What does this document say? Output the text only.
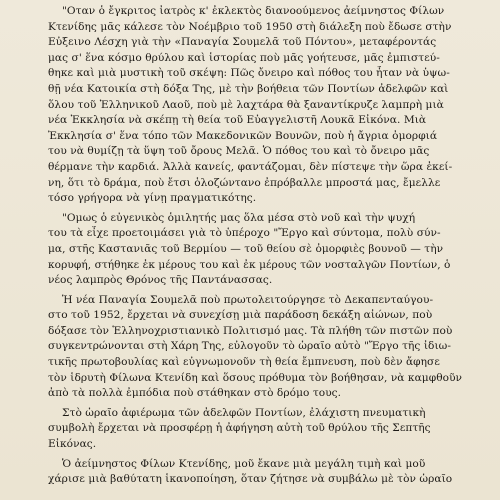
"Οταν ὁ ἔγκριτος ἰατρὸς κ' ἐκλεκτὸς διανοούμενος ἀείμνηστος Φίλων
Κτενίδης μᾶς κάλεσε τὸν Νοέμβριο τοῦ 1950 στὴ διάλεξη ποὺ ἔδωσε στὴν
Εὐξεινο Λέσχη γιὰ τὴν «Παναγία Σουμελᾶ τοῦ Πόντου», μεταφέροντάς
μας σ' ἕνα κόσμο θρύλου καὶ ἱστορίας ποὺ μᾶς γοήτευσε, μᾶς ἐμπιστεύ-
θηκε καὶ μιὰ μυστικὴ τοῦ σκέψη: Πῶς ὄνειρο καὶ πόθος του ἦταν νὰ ὑψω-
θῇ νέα Κατοικία στὴ δόξα Της, μὲ τὴν βοήθεια τῶν Ποντίων ἀδελφῶν καὶ
ὅλου τοῦ Ἑλληνικοῦ Λαοῦ, ποὺ μὲ λαχτάρα θὰ ξαναντίκρυζε λαμπρὴ μιὰ
νέα Ἐκκλησία νὰ σκέπῃ τὴ θεία τοῦ Εὐαγγελιστῆ Λουκᾶ Εἰκόνα. Μιὰ
Ἐκκλησία σ' ἕνα τόπο τῶν Μακεδονικῶν Βουνῶν, ποὺ ἡ ἄγρια ὀμορφιά
του νὰ θυμίζῃ τὰ ὕψη τοῦ ὄρους Μελᾶ. Ὁ πόθος του καὶ τὸ ὄνειρο μᾶς
θέρμανε τὴν καρδιά. Ἀλλὰ κανείς, φαντάζομαι, δὲν πίστεψε τὴν ὥρα ἐκεί-
νη, ὅτι τὸ δράμα, ποὺ ἔτσι ὁλοζώντανο ἐπρόβαλλε μπροστά μας, ἔμελλε
τόσο γρήγορα νὰ γίνῃ πραγματικότης.
"Ομως ὁ εὐγενικὸς ὁμιλητής μας ὅλα μέσα στὸ νοῦ καὶ τὴν ψυχή
του τὰ εἶχε προετοιμάσει γιὰ τὸ ὑπέροχο "Ἔργο καὶ σύντομα, πολὺ σύν-
μα, στῆς Καστανιᾶς τοῦ Βερμίου — τοῦ θείου σὲ ὀμορφιὲς βουνοῦ — τὴν
κορυφή, στήθηκε ἐκ μέρους του καὶ ἐκ μέρους τῶν νοσταλγῶν Ποντίων, ὁ
νέος λαμπρὸς Θρόνος τῆς Παντάνασσας.
Ἡ νέα Παναγία Σουμελᾶ ποὺ πρωτολειτούργησε τὸ Δεκαπενταύγου-
στο τοῦ 1952, ἔρχεται νὰ συνεχίσῃ μιὰ παράδοση δεκάξη αἰώνων, ποὺ
δόξασε τὸν Ἑλληνοχριστιανικὸ Πολιτισμό μας. Τὰ πλήθη τῶν πιστῶν ποὺ
συγκεντρώνονται στὴ Χάρη Της, εὐλογοῦν τὸ ὡραῖο αὐτὸ "Ἔργο τῆς ἰδιω-
τικῆς πρωτοβουλίας καὶ εὐγνωμονοῦν τὴ θεία ἔμπνευση, ποὺ δὲν ἄφησε
τὸν ἱδρυτὴ Φίλωνα Κτενίδη καὶ ὅσους πρόθυμα τὸν βοήθησαν, νὰ καμφθοῦν
ἀπὸ τὰ πολλὰ ἐμπόδια ποὺ στάθηκαν στὸ δρόμο τους.
Στὸ ὡραῖο ἀφιέρωμα τῶν ἀδελφῶν Ποντίων, ἐλάχιστη πνευματικὴ
συμβολὴ ἔρχεται νὰ προσφέρῃ ἡ ἀφήγηση αὐτὴ τοῦ θρύλου τῆς Σεπτῆς
Εἰκόνας.
Ὁ ἀείμνηστος Φίλων Κτενίδης, μοῦ ἔκανε μιὰ μεγάλη τιμὴ καὶ μοῦ
χάρισε μιὰ βαθύτατη ἱκανοποίηση, ὅταν ζήτησε νὰ συμβάλω μὲ τὸν ὡραῖο
